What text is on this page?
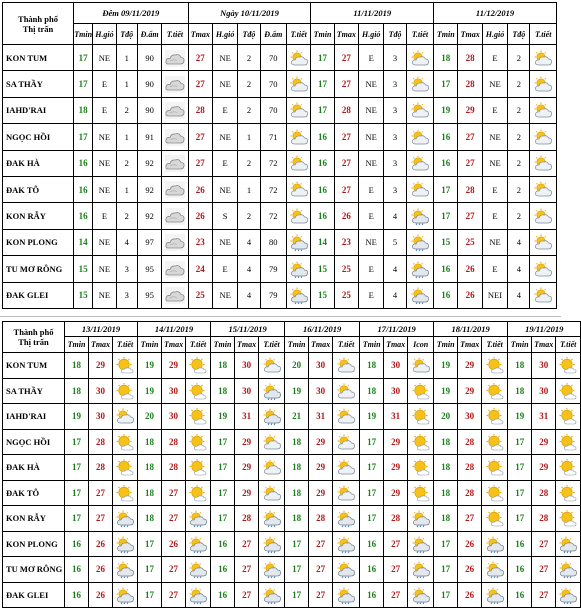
Thành phố
Thị trấn	Đêm 09/11/2019					Ngày 10/11/2019					11/11/2019					11/12/2019				
	Tmin	H.gió	Tđộ	Đ.ẩm	T.tiết	Tmax	H.gió	Tđộ	Đ.ẩm	T.tiết	Tmin	Tmax	H.gió	Tđộ	T.tiết	Tmin	Tmax	H.gió	Tđộ	T.tiết
KON TUM	17	NE	1	90		27	NE	2	70		17	27	E	3		18	28	E	2	

SA THẦY	17	E	1	90		27	NE	2	70		17	27	NE	3		17	28	NE	2	

IAHD'RAI	18	E	2	90		28	E	2	70		17	28	NE	3		19	29	E	2	

NGỌC HỒI	17	NE	1	91		27	NE	1	71		16	27	NE	3		16	27	NE	2	

ĐAK HÀ	16	NE	2	92		27	E	2	72		16	27	NE	3		16	27	NE	2	

ĐAK TÔ	16	NE	1	92		26	NE	1	72		16	27	E	3		17	28	E	2	

KON RẪY	16	E	2	92		26	S	2	72		16	26	E	4		17	27	E	2	

KON PLONG	14	NE	4	97		23	NE	4	80		14	23	NE	5		15	25	NE	4	

TU MƠ RÔNG	15	NE	3	95		24	E	4	79		15	25	E	4		16	26	E	4	

ĐAK GLEI	15	NE	3	95		25	NE	4	79		15	25	E	4		16	26	NEI	4	
Thành phố
Thị trấn	13/11/2019			14/11/2019			15/11/2019			16/11/2019			17/11/2019			18/11/2019			19/11/2019		
	Tmin	Tmax	T.tiết	Tmin	Tmax	T.tiết	Tmin	Tmax	T.tiết	Tmin	Tmax	T.tiết	Tmin	Tmax	Icon	Tmin	Tmax	T.tiết	Tmin	Tmax	T.tiết
KON TUM	18	29		19	29		18	30		20	30		18	30		19	29		18	30	

SA THẦY	18	30		19	30		18	30		19	30		18	30		19	29		18	30	

IAHD'RAI	19	30		20	30		19	31		21	31		19	31		20	30		19	31	

NGỌC HỒI	17	28		18	28		17	29		18	29		17	29		18	28		17	29	

ĐAK HÀ	17	28		18	28		17	29		18	29		17	29		18	28		17	29	

ĐAK TÔ	17	27		18	27		17	29		18	29		17	29		18	28		17	28	

KON RẪY	17	27		18	27		17	28		18	28		17	28		18	27		17	28	

KON PLONG	16	26		17	26		16	27		17	27		16	27		17	26		16	27	

TU MƠ RÔNG	16	26		17	27		16	27		17	27		16	27		17	26		16	27	

ĐAK GLEI	16	26		17	27		16	27		17	27		16	27		17	26		16	27	
